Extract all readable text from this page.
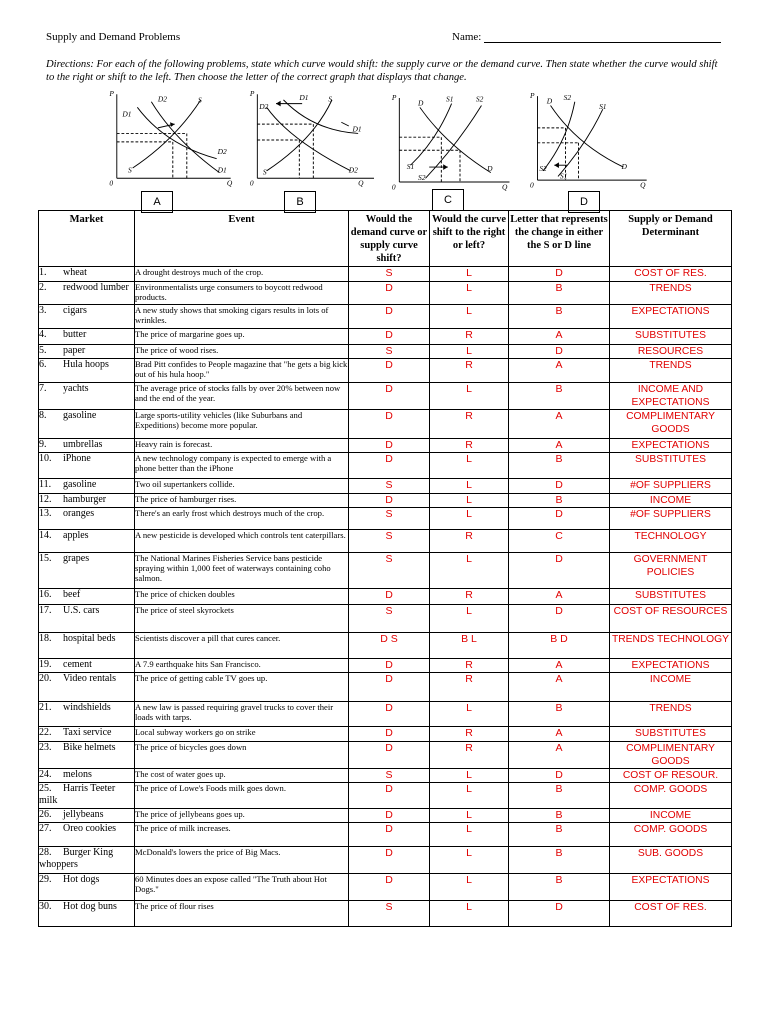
Supply and Demand Problems	Name:
Directions: For each of the following problems, state which curve would shift: the supply curve or the demand curve. Then state whether the curve would shift to the right or shift to the left. Then choose the letter of the correct graph that displays that change.
P
D2
D1
S
D1
D2
S
0	Q
P
D2
D1 S
D1
S	D2
0	Q
P
D	S1	S2
S1
S2
D
0	Q
P
D S2
S1
S2
S1
D
0	Q
A	B	C	D
Market	Event	Would the demand curve or supply curve shift?	Would the curve shift to the right or left?	Letter that represents the change in either the S or D line	Supply or Demand Determinant
1. wheat	A drought destroys much of the crop.	S	L	D	COST OF RES.
2. redwood lumber	Environmentalists urge consumers to boycott redwood products.	D	L	B	TRENDS
3. cigars	A new study shows that smoking cigars results in lots of wrinkles.	D	L	B	EXPECTATIONS
4. butter	The price of margarine goes up.	D	R	A	SUBSTITUTES
5. paper	The price of wood rises.	S	L	D	RESOURCES
6. Hula hoops	Brad Pitt confides to People magazine that "he gets a big kick out of his hula hoop."	D	R	A	TRENDS
7. yachts	The average price of stocks falls by over 20% between now and the end of the year.	D	L	B	INCOME AND EXPECTATIONS
8. gasoline	Large sports-utility vehicles (like Suburbans and Expeditions) become more popular.	D	R	A	COMPLIMENTARY GOODS
9. umbrellas	Heavy rain is forecast.	D	R	A	EXPECTATIONS
10. iPhone	A new technology company is expected to emerge with a phone better than the iPhone	D	L	B	SUBSTITUTES
11. gasoline	Two oil supertankers collide.	S	L	D	#OF SUPPLIERS
12. hamburger	The price of hamburger rises.	D	L	B	INCOME
13. oranges	There's an early frost which destroys much of the crop.	S	L	D	#OF SUPPLIERS
14. apples	A new pesticide is developed which controls tent caterpillars.	S	R	C	TECHNOLOGY
15. grapes	The National Marines Fisheries Service bans pesticide spraying within 1,000 feet of waterways containing coho salmon.	S	L	D	GOVERNMENT POLICIES
16. beef	The price of chicken doubles	D	R	A	SUBSTITUTES
17. U.S. cars	The price of steel skyrockets	S	L	D	COST OF RESOURCES
18. hospital beds	Scientists discover a pill that cures cancer.	D S	B L	B D	TRENDS TECHNOLOGY
19. cement	A 7.9 earthquake hits San Francisco.	D	R	A	EXPECTATIONS
20. Video rentals	The price of getting cable TV goes up.	D	R	A	INCOME
21. windshields	A new law is passed requiring gravel trucks to cover their loads with tarps.	D	L	B	TRENDS
22. Taxi service	Local subway workers go on strike	D	R	A	SUBSTITUTES
23. Bike helmets	The price of bicycles goes down	D	R	A	COMPLIMENTARY GOODS
24. melons	The cost of water goes up.	S	L	D	COST OF RESOUR.
25. Harris Teeter milk	The price of Lowe's Foods milk goes down.	D	L	B	COMP. GOODS
26. jellybeans	The price of jellybeans goes up.	D	L	B	INCOME
27. Oreo cookies	The price of milk increases.	D	L	B	COMP. GOODS
28. Burger King whoppers	McDonald's lowers the price of Big Macs.	D	L	B	SUB. GOODS
29. Hot dogs	60 Minutes does an expose called "The Truth about Hot Dogs."	D	L	B	EXPECTATIONS
30. Hot dog buns	The price of flour rises	S	L	D	COST OF RES.
